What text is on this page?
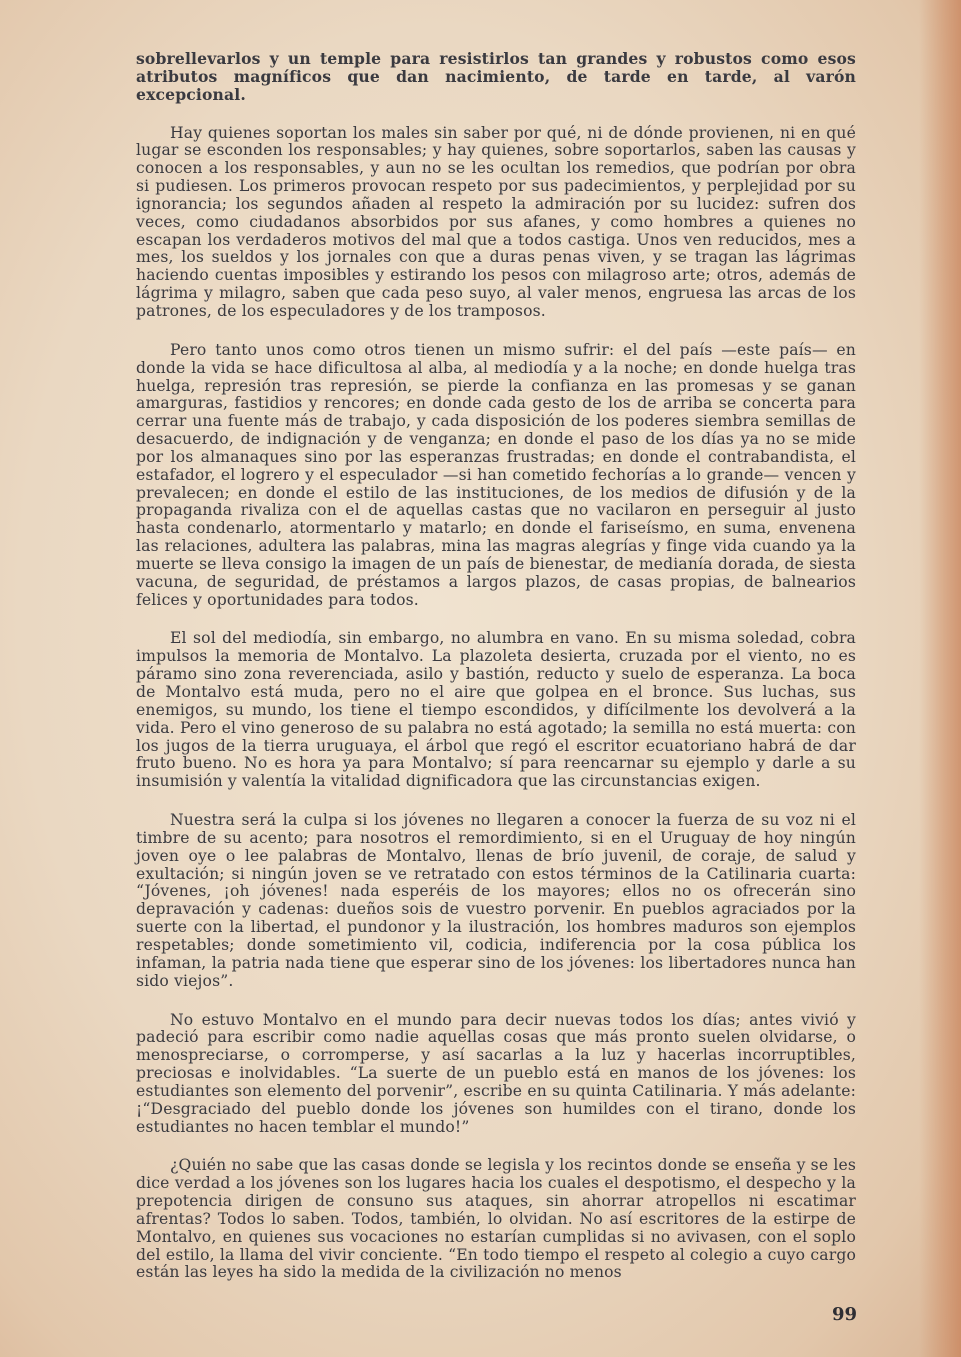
sobrellevarlos y un temple para resistirlos tan grandes y robustos como esos atributos magníficos que dan nacimiento, de tarde en tarde, al varón excepcional.

Hay quienes soportan los males sin saber por qué, ni de dónde provienen, ni en qué lugar se esconden los responsables; y hay quienes, sobre soportarlos, saben las causas y conocen a los responsables, y aun no se les ocultan los remedios, que podrían por obra si pudiesen. Los primeros provocan respeto por sus padecimientos, y perplejidad por su ignorancia; los segundos añaden al respeto la admiración por su lucidez: sufren dos veces, como ciudadanos absorbidos por sus afanes, y como hombres a quienes no escapan los verdaderos motivos del mal que a todos castiga. Unos ven reducidos, mes a mes, los sueldos y los jornales con que a duras penas viven, y se tragan las lágrimas haciendo cuentas imposibles y estirando los pesos con milagroso arte; otros, además de lágrima y milagro, saben que cada peso suyo, al valer menos, engruesa las arcas de los patrones, de los especuladores y de los tramposos.

Pero tanto unos como otros tienen un mismo sufrir: el del país —este país— en donde la vida se hace dificultosa al alba, al mediodía y a la noche; en donde huelga tras huelga, represión tras represión, se pierde la confianza en las promesas y se ganan amarguras, fastidios y rencores; en donde cada gesto de los de arriba se concerta para cerrar una fuente más de trabajo, y cada disposición de los poderes siembra semillas de desacuerdo, de indignación y de venganza; en donde el paso de los días ya no se mide por los almanaques sino por las esperanzas frustradas; en donde el contrabandista, el estafador, el logrero y el especulador —si han cometido fechorías a lo grande— vencen y prevalecen; en donde el estilo de las instituciones, de los medios de difusión y de la propaganda rivaliza con el de aquellas castas que no vacilaron en perseguir al justo hasta condenarlo, atormentarlo y matarlo; en donde el fariseísmo, en suma, envenena las relaciones, adultera las palabras, mina las magras alegrías y finge vida cuando ya la muerte se lleva consigo la imagen de un país de bienestar, de medianía dorada, de siesta vacuna, de seguridad, de préstamos a largos plazos, de casas propias, de balnearios felices y oportunidades para todos.

El sol del mediodía, sin embargo, no alumbra en vano. En su misma soledad, cobra impulsos la memoria de Montalvo. La plazoleta desierta, cruzada por el viento, no es páramo sino zona reverenciada, asilo y bastión, reducto y suelo de esperanza. La boca de Montalvo está muda, pero no el aire que golpea en el bronce. Sus luchas, sus enemigos, su mundo, los tiene el tiempo escondidos, y difícilmente los devolverá a la vida. Pero el vino generoso de su palabra no está agotado; la semilla no está muerta: con los jugos de la tierra uruguaya, el árbol que regó el escritor ecuatoriano habrá de dar fruto bueno. No es hora ya para Montalvo; sí para reencarnar su ejemplo y darle a su insumisión y valentía la vitalidad dignificadora que las circunstancias exigen.

Nuestra será la culpa si los jóvenes no llegaren a conocer la fuerza de su voz ni el timbre de su acento; para nosotros el remordimiento, si en el Uruguay de hoy ningún joven oye o lee palabras de Montalvo, llenas de brío juvenil, de coraje, de salud y exultación; si ningún joven se ve retratado con estos términos de la Catilinaria cuarta: “Jóvenes, ¡oh jóvenes! nada esperéis de los mayores; ellos no os ofrecerán sino depravación y cadenas: dueños sois de vuestro porvenir. En pueblos agraciados por la suerte con la libertad, el pundonor y la ilustración, los hombres maduros son ejemplos respetables; donde sometimiento vil, codicia, indiferencia por la cosa pública los infaman, la patria nada tiene que esperar sino de los jóvenes: los libertadores nunca han sido viejos”.

No estuvo Montalvo en el mundo para decir nuevas todos los días; antes vivió y padeció para escribir como nadie aquellas cosas que más pronto suelen olvidarse, o menospreciarse, o corromperse, y así sacarlas a la luz y hacerlas incorruptibles, preciosas e inolvidables. “La suerte de un pueblo está en manos de los jóvenes: los estudiantes son elemento del porvenir”, escribe en su quinta Catilinaria. Y más adelante: ¡“Desgraciado del pueblo donde los jóvenes son humildes con el tirano, donde los estudiantes no hacen temblar el mundo!”

¿Quién no sabe que las casas donde se legisla y los recintos donde se enseña y se les dice verdad a los jóvenes son los lugares hacia los cuales el despotismo, el despecho y la prepotencia dirigen de consuno sus ataques, sin ahorrar atropellos ni escatimar afrentas? Todos lo saben. Todos, también, lo olvidan. No así escritores de la estirpe de Montalvo, en quienes sus vocaciones no estarían cumplidas si no avivasen, con el soplo del estilo, la llama del vivir conciente. “En todo tiempo el respeto al colegio a cuyo cargo están las leyes ha sido la medida de la civilización no menos

99
